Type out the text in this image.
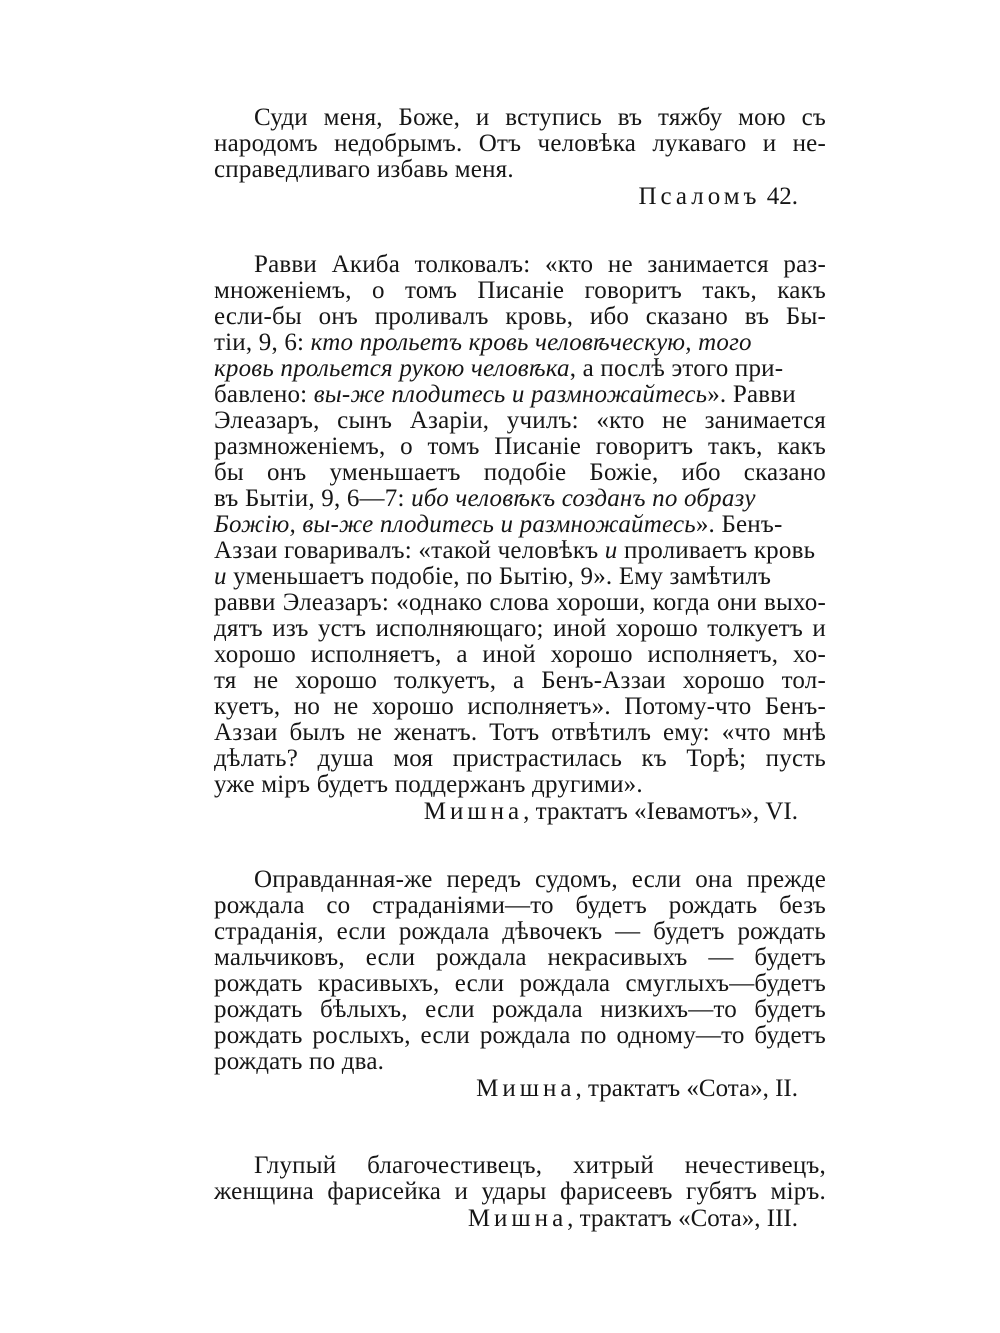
Суди меня, Боже, и вступись въ тяжбу мою съ
народомъ недобрымъ. Отъ человѣка лукаваго и не-
справедливаго избавь меня.
Псаломъ 42.
Равви Акиба толковалъ: «кто не занимается раз-
множеніемъ, о томъ Писаніе говоритъ такъ, какъ
если-бы онъ проливалъ кровь, ибо сказано въ Бы-
тіи, 9, 6: кто прольетъ кровь человѣческую, того
кровь прольется рукою человѣка, а послѣ этого при-
бавлено: вы-же плодитесь и размножайтесь». Равви
Элеазаръ, сынъ Азаріи, училъ: «кто не занимается
размноженіемъ, о томъ Писаніе говоритъ такъ, какъ
бы онъ уменьшаетъ подобіе Божіе, ибо сказано
въ Бытіи, 9, 6—7: ибо человѣкъ созданъ по образу
Божію, вы-же плодитесь и размножайтесь». Бенъ-
Аззаи говаривалъ: «такой человѣкъ и проливаетъ кровь
и уменьшаетъ подобіе, по Бытію, 9». Ему замѣтилъ
равви Элеазаръ: «однако слова хороши, когда они выхо-
дятъ изъ устъ исполняющаго; иной хорошо толкуетъ и
хорошо исполняетъ, а иной хорошо исполняетъ, хо-
тя не хорошо толкуетъ, а Бенъ-Аззаи хорошо тол-
куетъ, но не хорошо исполняетъ». Потому-что Бенъ-
Аззаи былъ не женатъ. Тотъ отвѣтилъ ему: «что мнѣ
дѣлать? душа моя пристрастилась къ Торѣ; пусть
уже міръ будетъ поддержанъ другими».
Мишна, трактатъ «Іевамотъ», VI.
Оправданная-же передъ судомъ, если она прежде
рождала со страданіями—то будетъ рождать безъ
страданія, если рождала дѣвочекъ — будетъ рождать
мальчиковъ, если рождала некрасивыхъ — будетъ
рождать красивыхъ, если рождала смуглыхъ—будетъ
рождать бѣлыхъ, если рождала низкихъ—то будетъ
рождать рослыхъ, если рождала по одному—то будетъ
рождать по два.
Мишна, трактатъ «Сота», II.
Глупый благочестивецъ, хитрый нечестивецъ,
женщина фарисейка и удары фарисеевъ губятъ міръ.
Мишна, трактатъ «Сота», III.
